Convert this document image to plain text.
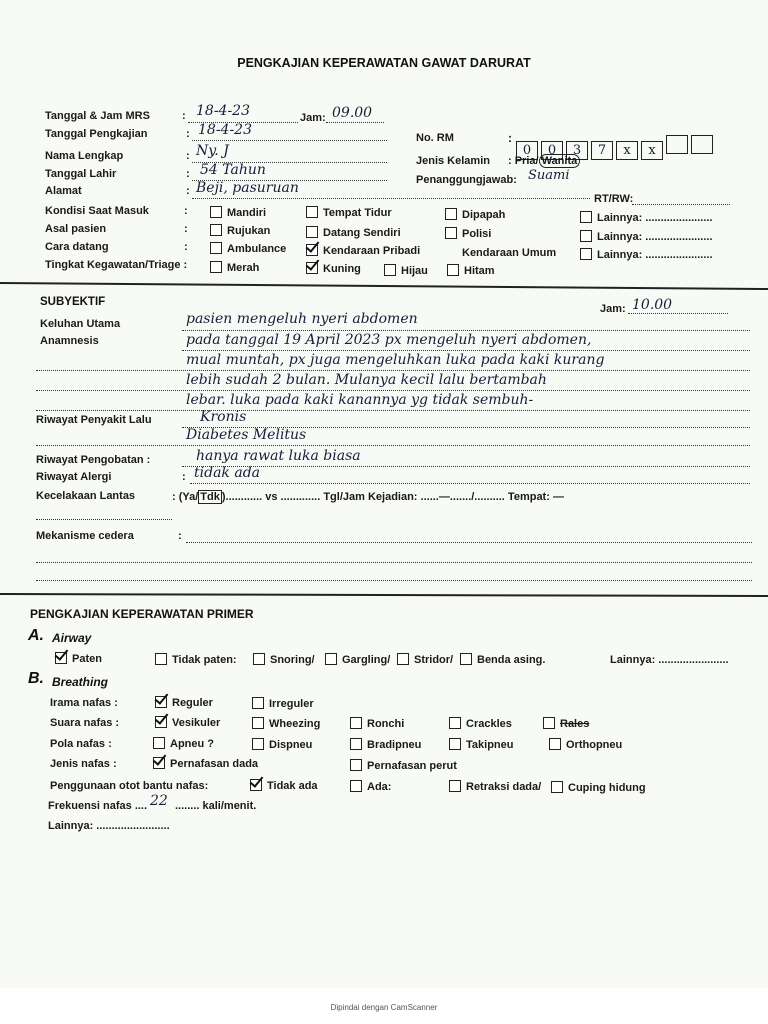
PENGKAJIAN KEPERAWATAN GAWAT DARURAT
Tanggal & Jam MRS	: 18-4-23	Jam: 09.00
Tanggal Pengkajian	: 18-4-23	No. RM	:
0 0 3 7 x x
Nama Lengkap	: Ny. J
Jenis Kelamin : Pria/ Wanita
Tanggal Lahir	: 54 Tahun
Penanggungjawab: Suami
Alamat	: Beji, pasuruan
RT/RW:
Kondisi Saat Masuk	:	Mandiri	Tempat Tidur	Dipapah	Lainnya: ......................
Asal pasien	:	Rujukan	Datang Sendiri	Polisi	Lainnya: ......................
Cara datang	:	Ambulance	Kendaraan Pribadi	Kendaraan Umum	Lainnya: ......................
Tingkat Kegawatan/Triage :	Merah	Kuning	Hijau	Hitam
SUBYEKTIF
Jam: 10.00
Keluhan Utama	pasien mengeluh nyeri abdomen
Anamnesis	pada tanggal 19 April 2023 px mengeluh nyeri abdomen,
mual muntah, px juga mengeluhkan luka pada kaki kurang
lebih sudah 2 bulan. Mulanya kecil lalu bertambah
lebar. luka pada kaki kanannya yg tidak sembuh-
Riwayat Penyakit Lalu	Kronis
Diabetes Melitus
Riwayat Pengobatan :	hanya rawat luka biasa
Riwayat Alergi	: tidak ada
Kecelakaan Lantas	: (Ya/ Tdk )............ vs ............. Tgl/Jam Kejadian: ......—......./.......... Tempat: —
Mekanisme cedera	:
PENGKAJIAN KEPERAWATAN PRIMER
A. Airway
Paten	Tidak paten:	Snoring/	Gargling/	Stridor/	Benda asing.	Lainnya: .......................
B. Breathing
Irama nafas :	Reguler	Irreguler
Suara nafas :	Vesikuler	Wheezing	Ronchi	Crackles	Rales
Pola nafas :	Apneu ?	Dispneu	Bradipneu	Takipneu	Orthopneu
Jenis nafas :	Pernafasan dada	Pernafasan perut
Penggunaan otot bantu nafas:	Tidak ada	Ada:	Retraksi dada/	Cuping hidung
Frekuensi nafas .... 22 ........ kali/menit.
Lainnya: ........................
Dipindai dengan CamScanner
